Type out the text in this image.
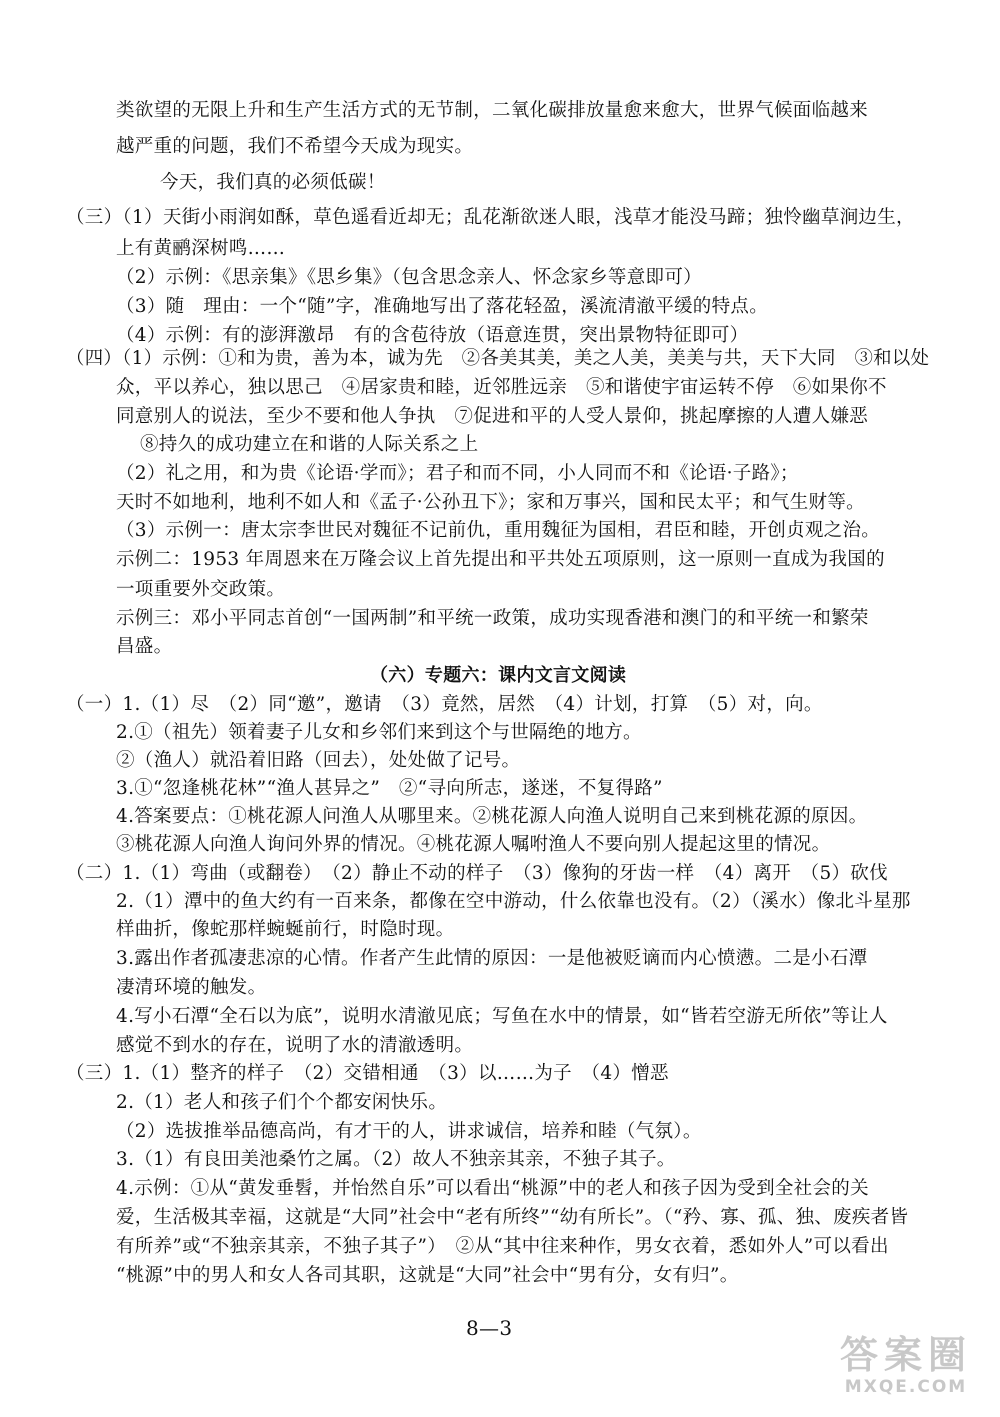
类欲望的无限上升和生产生活方式的无节制，二氧化碳排放量愈来愈大，世界气候面临越来
越严重的问题，我们不希望今天成为现实。
今天，我们真的必须低碳！
（三）（1）天街小雨润如酥，草色遥看近却无；乱花渐欲迷人眼，浅草才能没马蹄；独怜幽草涧边生，
上有黄鹂深树鸣……
（2）示例：《思亲集》《思乡集》（包含思念亲人、怀念家乡等意即可）
（3）随　理由：一个“随”字，准确地写出了落花轻盈，溪流清澈平缓的特点。
（4）示例：有的澎湃激昂　有的含苞待放（语意连贯，突出景物特征即可）
（四）（1）示例：①和为贵，善为本，诚为先　②各美其美，美之人美，美美与共，天下大同　③和以处
众，平以养心，独以思己　④居家贵和睦，近邻胜远亲　⑤和谐使宇宙运转不停　⑥如果你不
同意别人的说法，至少不要和他人争执　⑦促进和平的人受人景仰，挑起摩擦的人遭人嫌恶
⑧持久的成功建立在和谐的人际关系之上
（2）礼之用，和为贵《论语·学而》；君子和而不同，小人同而不和《论语·子路》；
天时不如地利，地利不如人和《孟子·公孙丑下》；家和万事兴，国和民太平；和气生财等。
（3）示例一：唐太宗李世民对魏征不记前仇，重用魏征为国相，君臣和睦，开创贞观之治。
示例二：1953 年周恩来在万隆会议上首先提出和平共处五项原则，这一原则一直成为我国的
一项重要外交政策。
示例三：邓小平同志首创“一国两制”和平统一政策，成功实现香港和澳门的和平统一和繁荣
昌盛。
（六）专题六：课内文言文阅读
（一）1.（1）尽　（2）同“邀”，邀请　（3）竟然，居然　（4）计划，打算　（5）对，向。
2.①（祖先）领着妻子儿女和乡邻们来到这个与世隔绝的地方。
②（渔人）就沿着旧路（回去），处处做了记号。
3.①“忽逢桃花林”“渔人甚异之”　②“寻向所志，遂迷，不复得路”
4.答案要点：①桃花源人问渔人从哪里来。②桃花源人向渔人说明自己来到桃花源的原因。
③桃花源人向渔人询问外界的情况。④桃花源人嘱咐渔人不要向别人提起这里的情况。
（二）1.（1）弯曲（或翻卷）　（2）静止不动的样子　（3）像狗的牙齿一样　（4）离开　（5）砍伐
2.（1）潭中的鱼大约有一百来条，都像在空中游动，什么依靠也没有。（2）（溪水）像北斗星那
样曲折，像蛇那样蜿蜒前行，时隐时现。
3.露出作者孤凄悲凉的心情。作者产生此情的原因：一是他被贬谪而内心愤懑。二是小石潭
凄清环境的触发。
4.写小石潭“全石以为底”，说明水清澈见底；写鱼在水中的情景，如“皆若空游无所依”等让人
感觉不到水的存在，说明了水的清澈透明。
（三）1.（1）整齐的样子　（2）交错相通　（3）以……为子　（4）憎恶
2.（1）老人和孩子们个个都安闲快乐。
（2）选拔推举品德高尚，有才干的人，讲求诚信，培养和睦（气氛）。
3.（1）有良田美池桑竹之属。（2）故人不独亲其亲，不独子其子。
4.示例：①从“黄发垂髫，并怡然自乐”可以看出“桃源”中的老人和孩子因为受到全社会的关
爱，生活极其幸福，这就是“大同”社会中“老有所终”“幼有所长”。（“矜、寡、孤、独、废疾者皆
有所养”或“不独亲其亲，不独子其子”）　②从“其中往来种作，男女衣着，悉如外人”可以看出
“桃源”中的男人和女人各司其职，这就是“大同”社会中“男有分，女有归”。
8—3
答案圈
MXQE.COM
